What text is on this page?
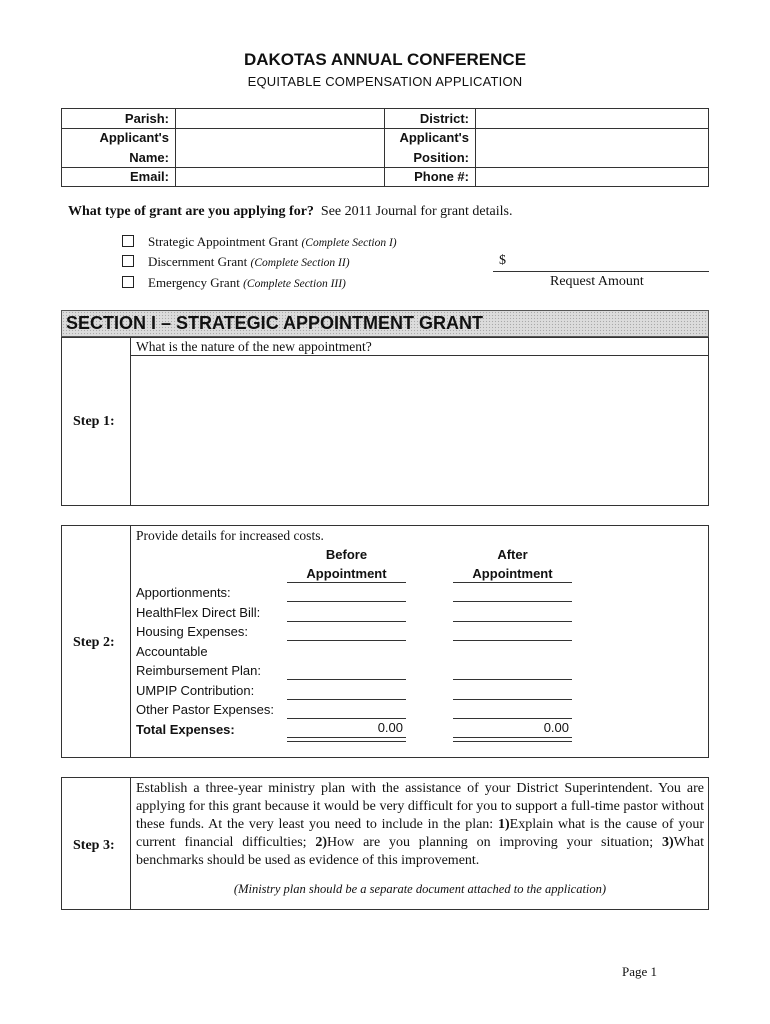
DAKOTAS ANNUAL CONFERENCE
EQUITABLE COMPENSATION APPLICATION
Parish:
Applicant's
Name:
Email:
District:
Applicant's
Position:
Phone #:
What type of grant are you applying for? See 2011 Journal for grant details.
Strategic Appointment Grant (Complete Section I)
Discernment Grant (Complete Section II)
Emergency Grant (Complete Section III)
$
Request Amount
SECTION I – STRATEGIC APPOINTMENT GRANT
What is the nature of the new appointment?
Step 1:
Provide details for increased costs.
Step 2:
Before
Appointment
After
Appointment
Apportionments:
HealthFlex Direct Bill:
Housing Expenses:
Accountable
Reimbursement Plan:
UMPIP Contribution:
Other Pastor Expenses:
Total Expenses:	0.00	0.00
Step 3:
Establish a three-year ministry plan with the assistance of your District Superintendent. You are applying for this grant because it would be very difficult for you to support a full-time pastor without these funds. At the very least you need to include in the plan: 1)Explain what is the cause of your current financial difficulties; 2)How are you planning on improving your situation; 3)What benchmarks should be used as evidence of this improvement.
(Ministry plan should be a separate document attached to the application)
Page 1
